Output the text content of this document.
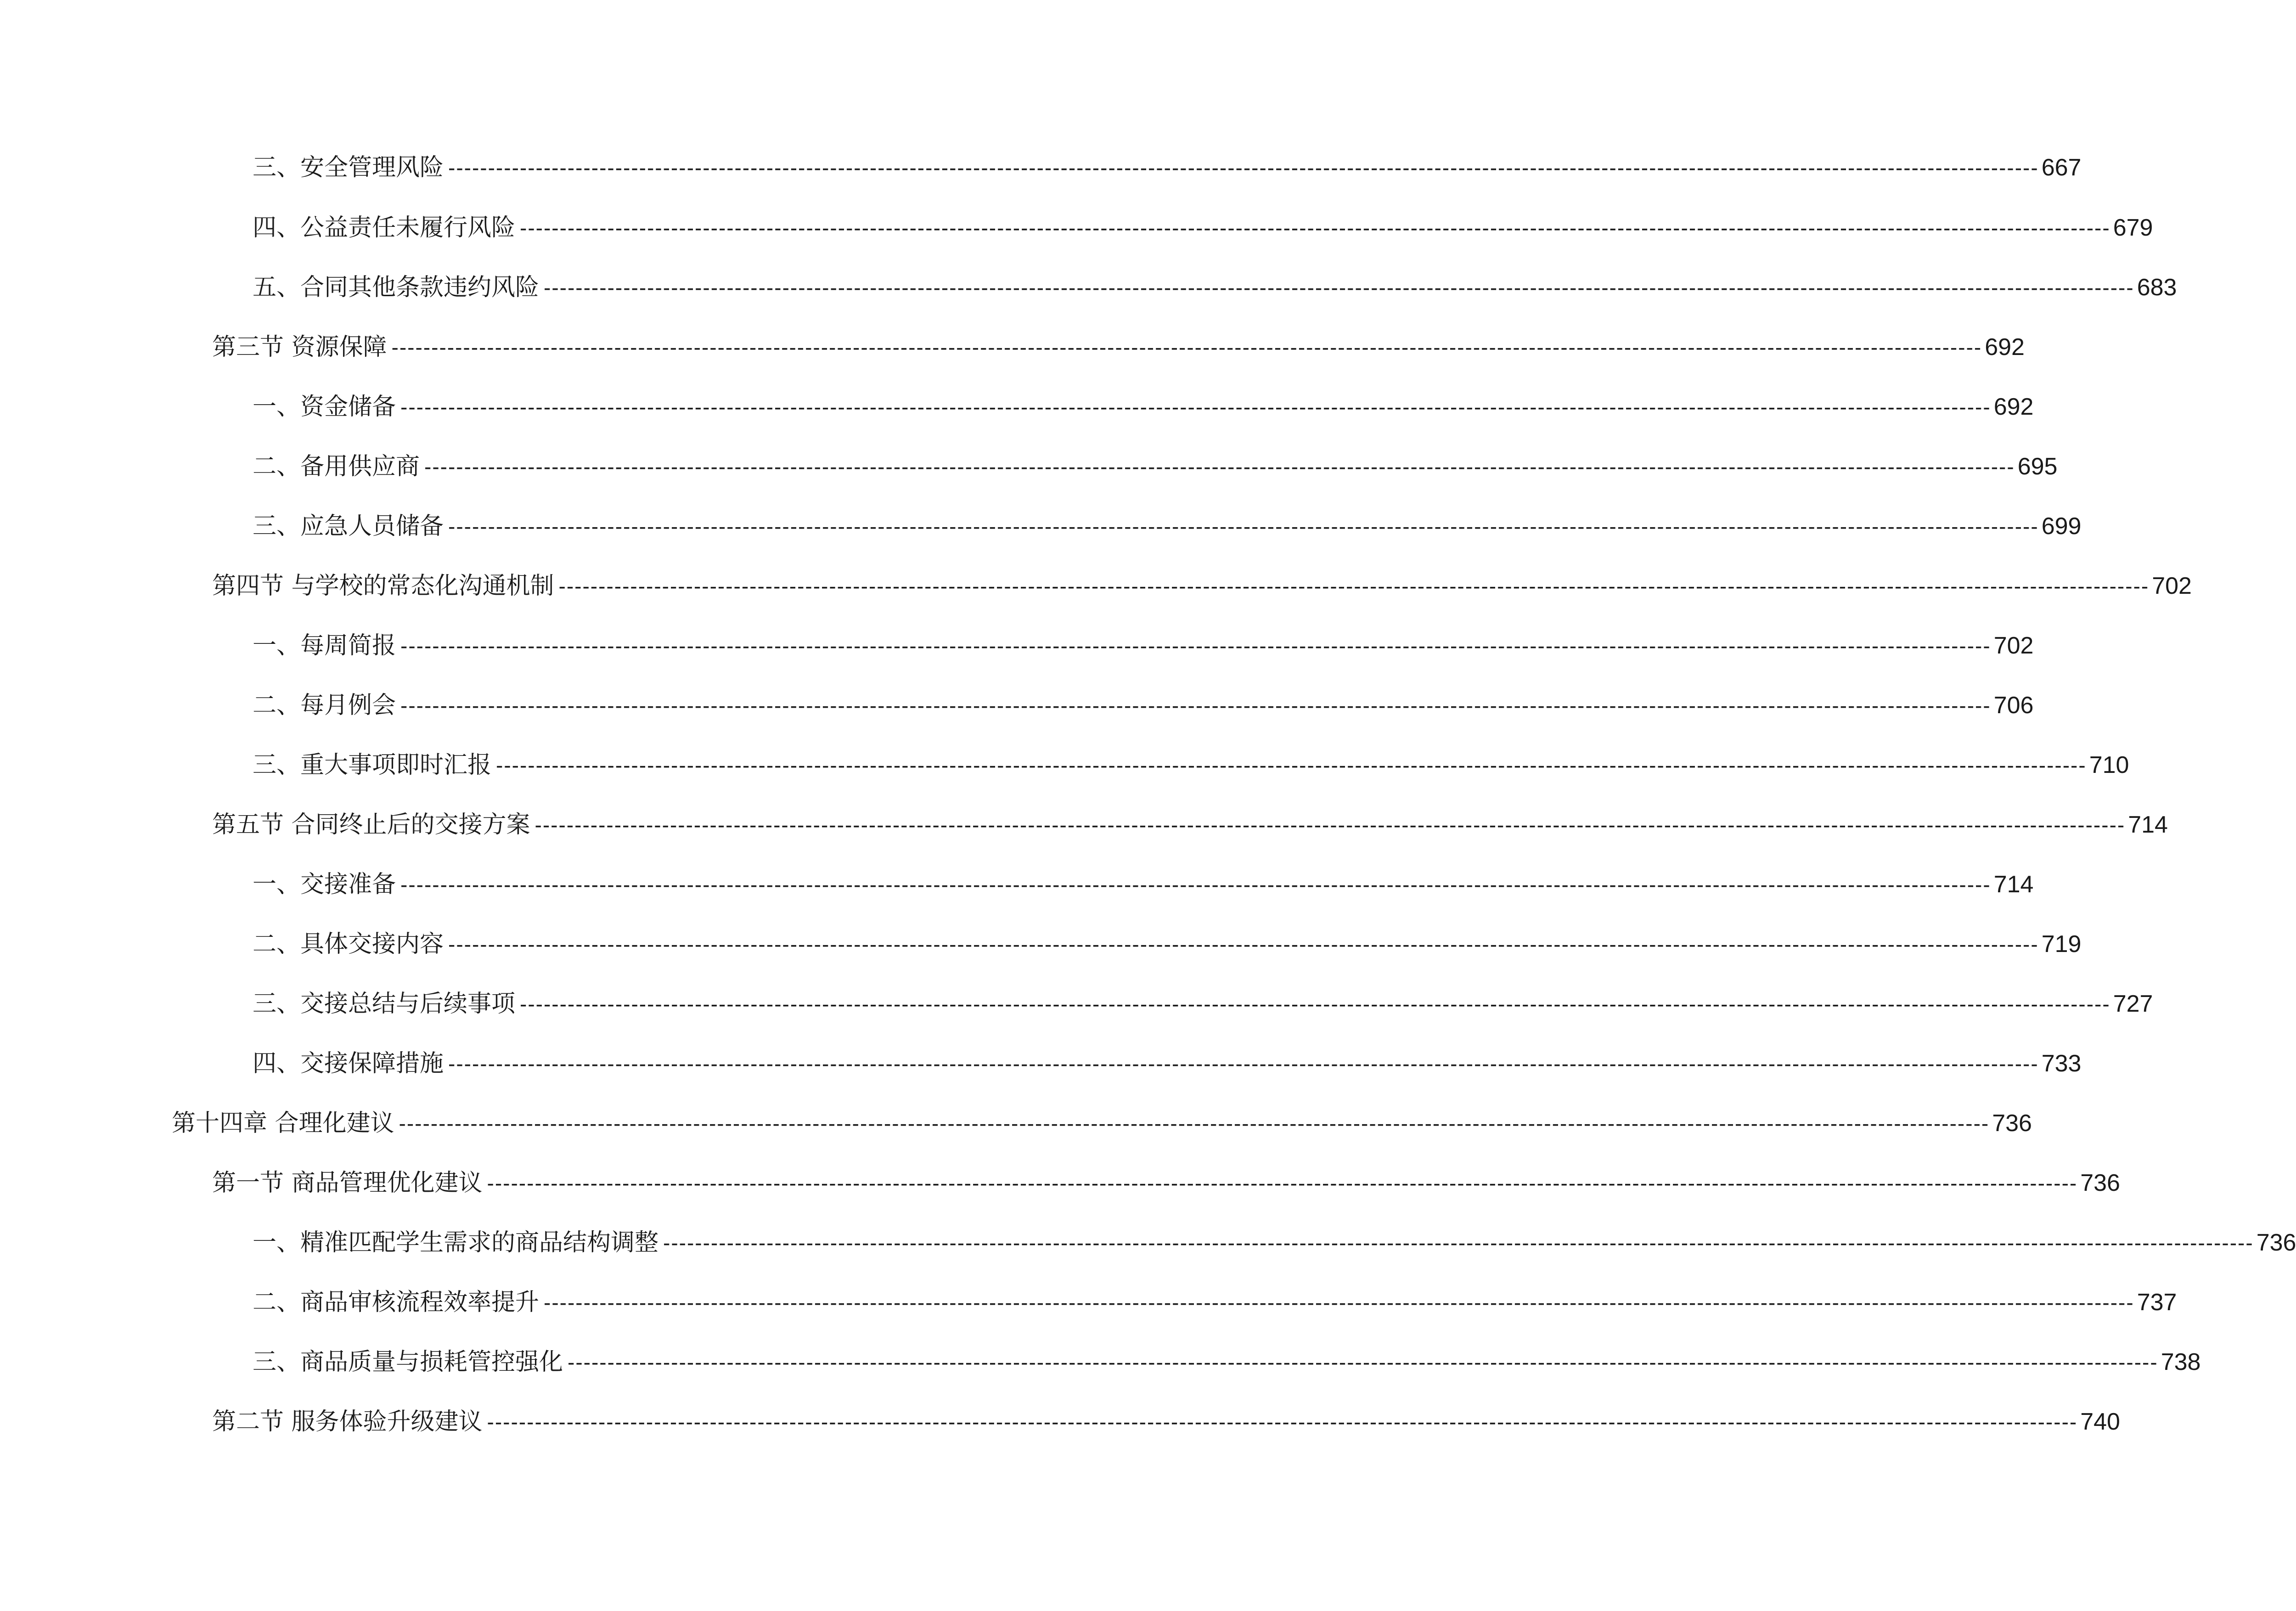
三、安全管理风险 -------------------------------------------------------------------------------------------------------------------------------------------------------------------------------------------------------- 667
四、公益责任未履行风险 -------------------------------------------------------------------------------------------------------------------------------------------------------------------------------------------------------- 679
五、合同其他条款违约风险 -------------------------------------------------------------------------------------------------------------------------------------------------------------------------------------------------------- 683
第三节 资源保障 -------------------------------------------------------------------------------------------------------------------------------------------------------------------------------------------------------- 692
一、资金储备 -------------------------------------------------------------------------------------------------------------------------------------------------------------------------------------------------------- 692
二、备用供应商 -------------------------------------------------------------------------------------------------------------------------------------------------------------------------------------------------------- 695
三、应急人员储备 -------------------------------------------------------------------------------------------------------------------------------------------------------------------------------------------------------- 699
第四节 与学校的常态化沟通机制 -------------------------------------------------------------------------------------------------------------------------------------------------------------------------------------------------------- 702
一、每周简报 -------------------------------------------------------------------------------------------------------------------------------------------------------------------------------------------------------- 702
二、每月例会 -------------------------------------------------------------------------------------------------------------------------------------------------------------------------------------------------------- 706
三、重大事项即时汇报 -------------------------------------------------------------------------------------------------------------------------------------------------------------------------------------------------------- 710
第五节 合同终止后的交接方案 -------------------------------------------------------------------------------------------------------------------------------------------------------------------------------------------------------- 714
一、交接准备 -------------------------------------------------------------------------------------------------------------------------------------------------------------------------------------------------------- 714
二、具体交接内容 -------------------------------------------------------------------------------------------------------------------------------------------------------------------------------------------------------- 719
三、交接总结与后续事项 -------------------------------------------------------------------------------------------------------------------------------------------------------------------------------------------------------- 727
四、交接保障措施 -------------------------------------------------------------------------------------------------------------------------------------------------------------------------------------------------------- 733
第十四章 合理化建议 -------------------------------------------------------------------------------------------------------------------------------------------------------------------------------------------------------- 736
第一节 商品管理优化建议 -------------------------------------------------------------------------------------------------------------------------------------------------------------------------------------------------------- 736
一、精准匹配学生需求的商品结构调整 -------------------------------------------------------------------------------------------------------------------------------------------------------------------------------------------------------- 736
二、商品审核流程效率提升 -------------------------------------------------------------------------------------------------------------------------------------------------------------------------------------------------------- 737
三、商品质量与损耗管控强化 -------------------------------------------------------------------------------------------------------------------------------------------------------------------------------------------------------- 738
第二节 服务体验升级建议 -------------------------------------------------------------------------------------------------------------------------------------------------------------------------------------------------------- 740
